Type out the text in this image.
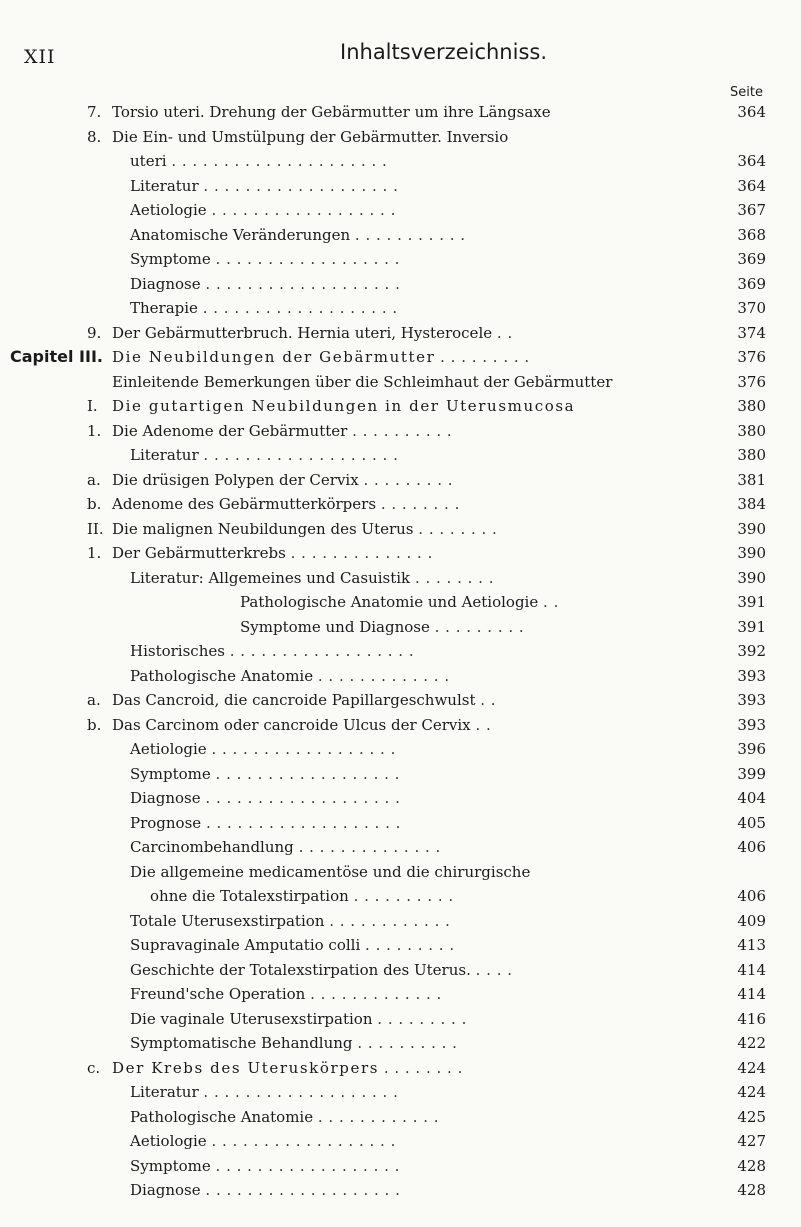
XII	Inhaltsverzeichniss.
Seite
7. Torsio uteri. Drehung der Gebärmutter um ihre Längsaxe	364
8. Die Ein- und Umstülpung der Gebärmutter. Inversio
uteri . . . . . . . . . . . . . . . . . . . . .	364
Literatur . . . . . . . . . . . . . . . . . . .	364
Aetiologie . . . . . . . . . . . . . . . . . .	367
Anatomische Veränderungen . . . . . . . . . . .	368
Symptome . . . . . . . . . . . . . . . . . .	369
Diagnose . . . . . . . . . . . . . . . . . . .	369
Therapie . . . . . . . . . . . . . . . . . . .	370
9. Der Gebärmutterbruch. Hernia uteri, Hysterocele . .	374
Capitel III. Die Neubildungen der Gebärmutter . . . . . . . . .	376
Einleitende Bemerkungen über die Schleimhaut der Gebärmutter	376
I. Die gutartigen Neubildungen in der Uterusmucosa	380
1. Die Adenome der Gebärmutter . . . . . . . . . .	380
Literatur . . . . . . . . . . . . . . . . . . .	380
a. Die drüsigen Polypen der Cervix . . . . . . . . .	381
b. Adenome des Gebärmutterkörpers . . . . . . . .	384
II. Die malignen Neubildungen des Uterus . . . . . . . .	390
1. Der Gebärmutterkrebs . . . . . . . . . . . . . .	390
Literatur: Allgemeines und Casuistik . . . . . . . .	390
Pathologische Anatomie und Aetiologie . .	391
Symptome und Diagnose . . . . . . . . .	391
Historisches . . . . . . . . . . . . . . . . . .	392
Pathologische Anatomie . . . . . . . . . . . . .	393
a. Das Cancroid, die cancroide Papillargeschwulst . .	393
b. Das Carcinom oder cancroide Ulcus der Cervix . .	393
Aetiologie . . . . . . . . . . . . . . . . . .	396
Symptome . . . . . . . . . . . . . . . . . .	399
Diagnose . . . . . . . . . . . . . . . . . . .	404
Prognose . . . . . . . . . . . . . . . . . . .	405
Carcinombehandlung . . . . . . . . . . . . . .	406
Die allgemeine medicamentöse und die chirurgische
ohne die Totalexstirpation . . . . . . . . . .	406
Totale Uterusexstirpation . . . . . . . . . . . .	409
Supravaginale Amputatio colli . . . . . . . . .	413
Geschichte der Totalexstirpation des Uterus. . . . .	414
Freund'sche Operation . . . . . . . . . . . . .	414
Die vaginale Uterusexstirpation . . . . . . . . .	416
Symptomatische Behandlung . . . . . . . . . .	422
c. Der Krebs des Uteruskörpers . . . . . . . .	424
Literatur . . . . . . . . . . . . . . . . . . .	424
Pathologische Anatomie . . . . . . . . . . . .	425
Aetiologie . . . . . . . . . . . . . . . . . .	427
Symptome . . . . . . . . . . . . . . . . . .	428
Diagnose . . . . . . . . . . . . . . . . . . .	428
